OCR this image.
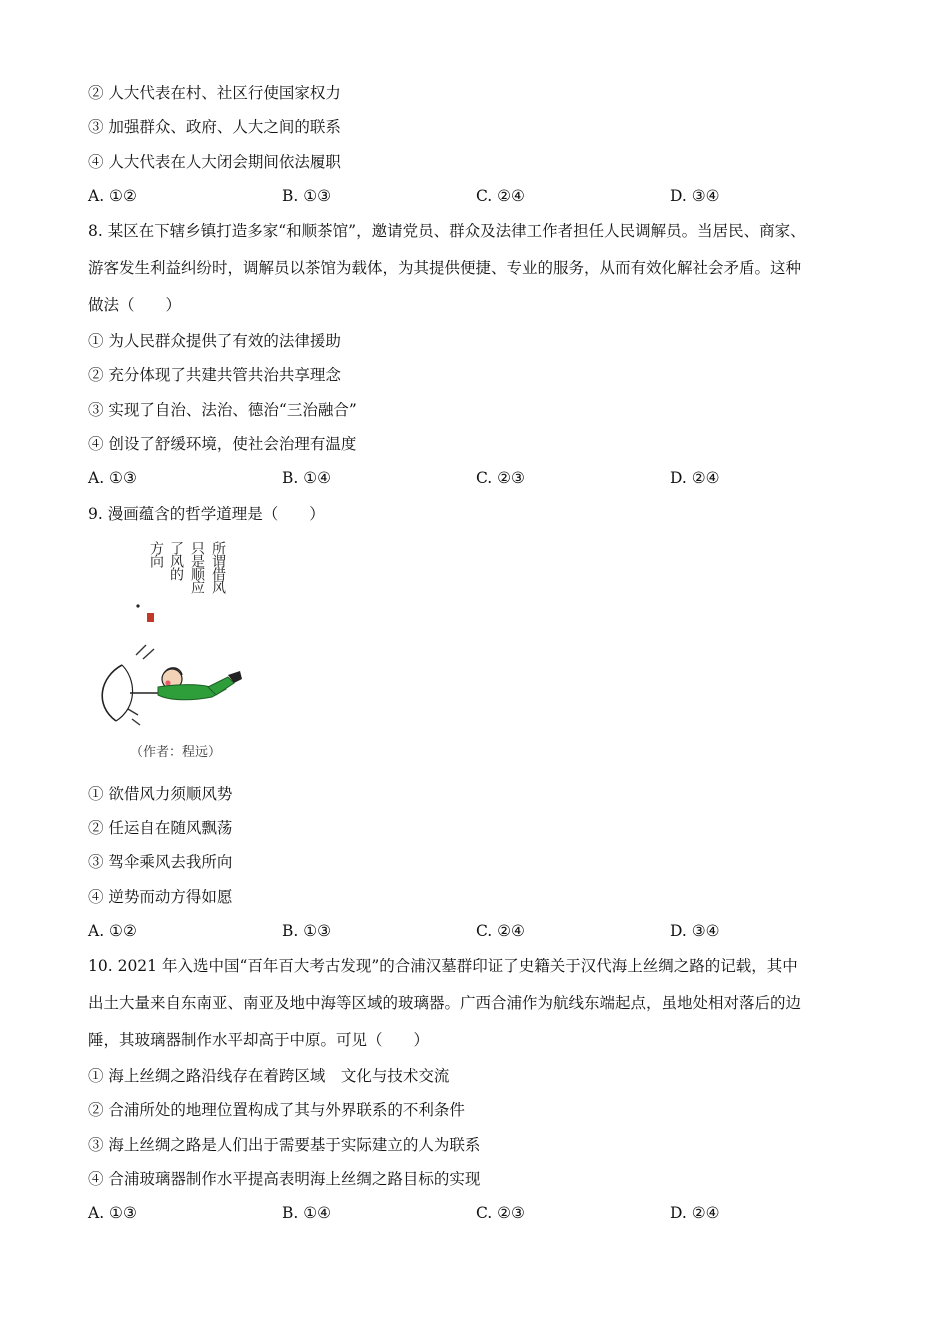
② 人大代表在村、社区行使国家权力
③ 加强群众、政府、人大之间的联系
④ 人大代表在人大闭会期间依法履职
A. ①②	B. ①③	C. ②④	D. ③④
8. 某区在下辖乡镇打造多家“和顺茶馆”，邀请党员、群众及法律工作者担任人民调解员。当居民、商家、
游客发生利益纠纷时，调解员以茶馆为载体，为其提供便捷、专业的服务，从而有效化解社会矛盾。这种
做法（　　）
① 为人民群众提供了有效的法律援助
② 充分体现了共建共管共治共享理念
③ 实现了自治、法治、德治“三治融合”
④ 创设了舒缓环境，使社会治理有温度
A. ①③	B. ①④	C. ②③	D. ②④
9. 漫画蕴含的哲学道理是（　　）
所谓借风
只是顺应
了风的
方向
（作者：程远）
① 欲借风力须顺风势
② 任运自在随风飘荡
③ 驾伞乘风去我所向
④ 逆势而动方得如愿
A. ①②	B. ①③	C. ②④	D. ③④
10. 2021 年入选中国“百年百大考古发现”的合浦汉墓群印证了史籍关于汉代海上丝绸之路的记载，其中
出土大量来自东南亚、南亚及地中海等区域的玻璃器。广西合浦作为航线东端起点，虽地处相对落后的边
陲，其玻璃器制作水平却高于中原。可见（　　）
① 海上丝绸之路沿线存在着跨区域　文化与技术交流
② 合浦所处的地理位置构成了其与外界联系的不利条件
③ 海上丝绸之路是人们出于需要基于实际建立的人为联系
④ 合浦玻璃器制作水平提高表明海上丝绸之路目标的实现
A. ①③	B. ①④	C. ②③	D. ②④
